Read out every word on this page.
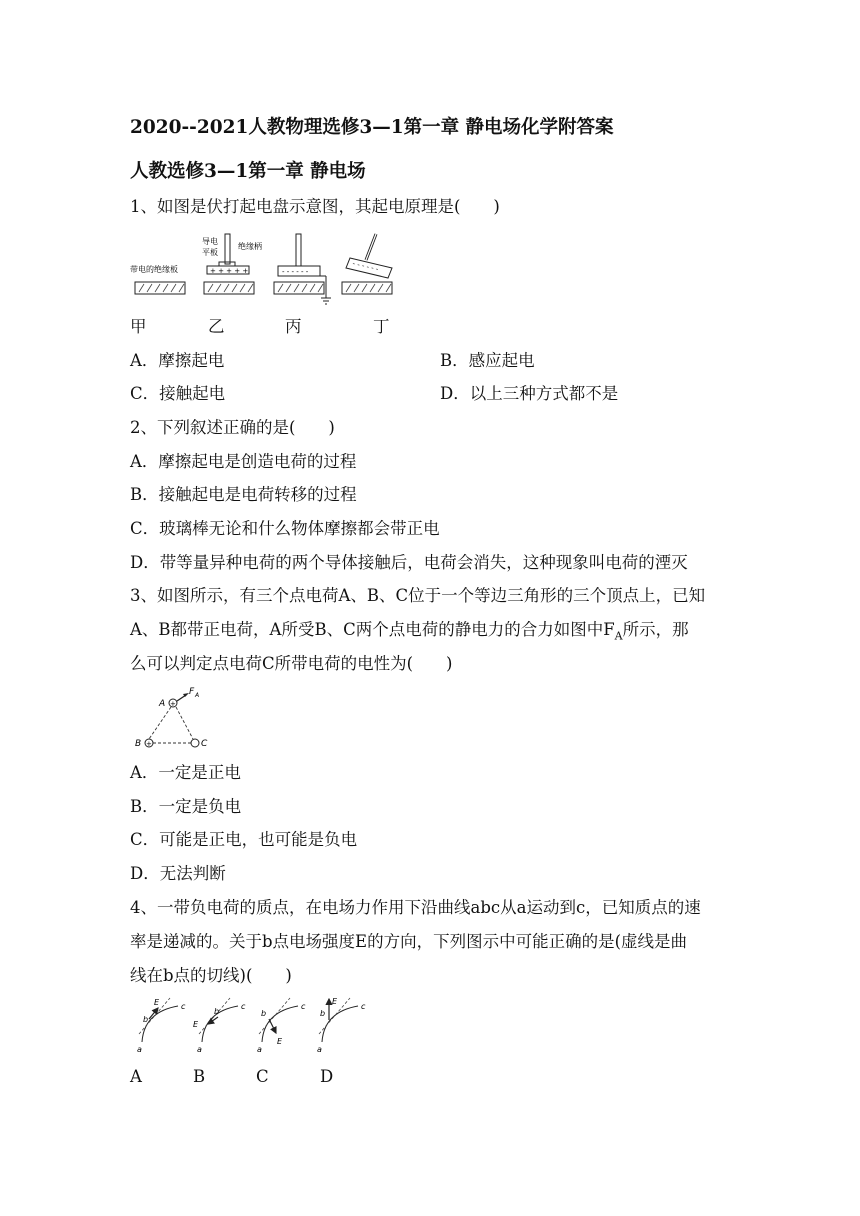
2020--2021人教物理选修3—1第一章 静电场化学附答案
人教选修3—1第一章 静电场
1、如图是伏打起电盘示意图，其起电原理是(　　)
带电的绝缘板
导电
平板
绝缘柄
+ + + + +	- - - - - -	- - - - - -
甲	乙	丙	丁
A．摩擦起电	B．感应起电
C．接触起电	D．以上三种方式都不是
2、下列叙述正确的是(　　)
A．摩擦起电是创造电荷的过程
B．接触起电是电荷转移的过程
C．玻璃棒无论和什么物体摩擦都会带正电
D．带等量异种电荷的两个导体接触后，电荷会消失，这种现象叫电荷的湮灭
3、如图所示，有三个点电荷A、B、C位于一个等边三角形的三个顶点上，已知
A、B都带正电荷，A所受B、C两个点电荷的静电力的合力如图中$F_A$所示，那
么可以判定点电荷C所带电荷的电性为(　　)
+
+
A
B	C
F A
A．一定是正电
B．一定是负电
C．可能是正电，也可能是负电
D．无法判断
4、一带负电荷的质点，在电场力作用下沿曲线abc从a运动到c，已知质点的速
率是递减的。关于b点电场强度E的方向，下列图示中可能正确的是(虚线是曲
线在b点的切线)(　　)
E
b
c
a
E
b
c
a
E
b
c
a
E
b
c
a
A	B	C	D
